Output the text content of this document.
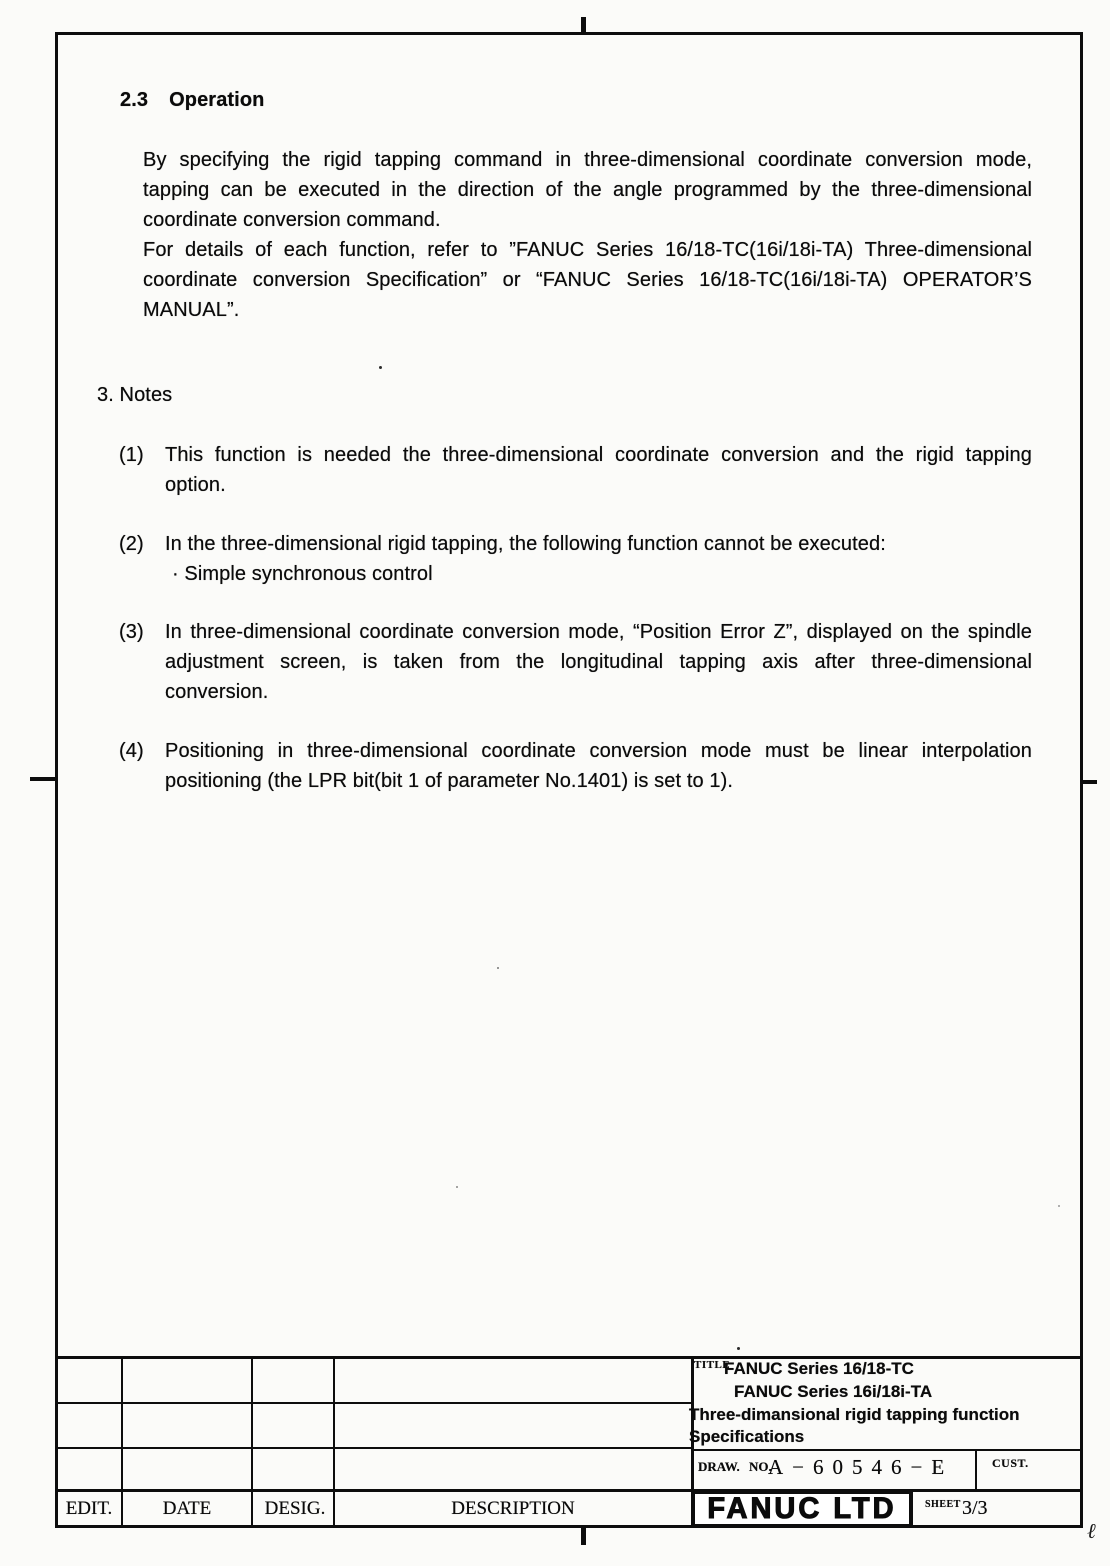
2.3 Operation
By specifying the rigid tapping command in three-dimensional coordinate conversion mode,
tapping can be executed in the direction of the angle programmed by the three-dimensional
coordinate conversion command.
For details of each function, refer to ”FANUC Series 16/18-TC(16i/18i-TA) Three-dimensional
coordinate conversion Specification” or “FANUC Series 16/18-TC(16i/18i-TA) OPERATOR’S
MANUAL”.
3. Notes
(1) This function is needed the three-dimensional coordinate conversion and the rigid tapping
option.
(2) In the three-dimensional rigid tapping, the following function cannot be executed:
· Simple synchronous control
(3) In three-dimensional coordinate conversion mode, “Position Error Z”, displayed on the spindle
adjustment screen, is taken from the longitudinal tapping axis after three-dimensional
conversion.
(4) Positioning in three-dimensional coordinate conversion mode must be linear interpolation
positioning (the LPR bit(bit 1 of parameter No.1401) is set to 1).
EDIT.	DATE	DESIG.	DESCRIPTION
TITLE
FANUC Series 16/18-TC
FANUC Series 16i/18i-TA
Three-dimansional rigid tapping function
Specifications
DRAW. NO.
A−60546−E	CUST.
FANUC LTD	SHEET 3/3
ℓ
